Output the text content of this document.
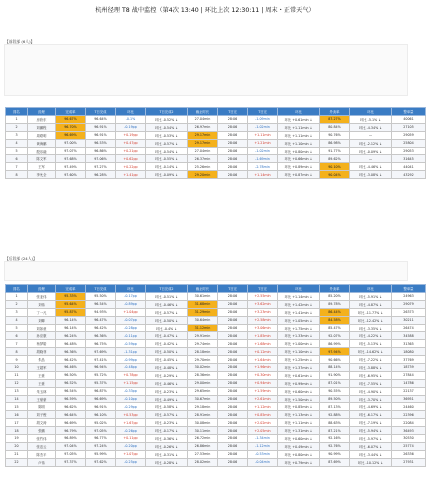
杭州径理 T8 战中监控（第4次 13:40 | 环比上次 12:30:11 | 周末・正常天气）
【前段部 (6人)】
排名	经理	完成率	T日完成	环比	T日完成2	截止时长	T日完	T日完	环比	外卖率	环比	整单量
1	房欣东	96.67%	96.64%	-0.1%	环比 -0.52% ↓	27.04min	28:06	-1.09min	环比 +0.61min ↓	87.27%	环比 -5.1% ↓	40061
2	刘鹏程	96.70%	96.91%	-0.19pp	环比 -0.54% ↓	26.97min	28:06	-1.02min	环比 +1.11min ↓	80.84%	环比 -4.34% ↓	27105
3	周联明	96.69%	96.91%	+0.19pp	环比 -0.53% ↓	29.17min	28:06	+1.11min	环比 +1.11min ↓	90.76%	—	29059
4	黄海鹏	97.00%	96.53%	+0.47pp	环比 -0.57% ↓	29.17min	28:06	+1.21min	环比 +1.10min ↓	86.98%	环比 -2.12% ↓	25804
5	殷乐融	97.07%	96.86%	+0.21pp	环比 -0.54% ↓	27.04min	28:06	-1.02min	环比 +0.80min ↓	91.77%	环比 -0.09% ↓	29053
6	陈文军	97.68%	97.06%	+0.62pp	环比 -0.55% ↓	26.37min	28:06	-1.69min	环比 +0.66min ↓	89.62%	—	31645
7	王军	97.49%	97.27%	+0.22pp	环比 -0.14% ↓	25.26min	28:06	-2.78min	环比 +0.89min ↓	90.10%	环比 -4.46% ↓	44041
8	李允全	97.60%	96.28%	+1.41pp	环比 -0.09% ↓	29.20min	28:06	+1.14min	环比 +0.87min ↓	90.04%	环比 -3.08% ↓	43292
【后段部 (24人)】
排名	经理	完成率	T日完成	环比	T日完成2	截止时长	T日完	T日完	环比	外卖率	环比	整单量
1	张亚伟	95.33%	95.50%	-0.17pp	环比 -0.51% ↓	30.61min	28:06	+2.55min	环比 +1.14min ↓	85.20%	环比 -5.91% ↓	24963
2	刘伟	95.64%	96.54%	-0.89pp	环比 -0.46% ↓	31.68min	28:06	+3.62min	环比 +1.42min ↓	89.78%	环比 -4.87% ↓	29079
3	丁一凡	95.87%	94.93%	+1.04pp	环比 -0.57% ↓	31.29min	28:06	+3.23min	环比 +1.41min ↓	86.44%	环比 -11.77% ↓	26373
4	刘卿	96.14%	96.47%	-0.07pp	环比 -0.50% ↓	30.64min	28:06	+2.58min	环比 +1.05min ↓	84.58%	环比 -12.42% ↓	30211
5	刘如意	96.14%	96.42%	-0.28pp	环比 -0.4% ↓	31.12min	28:06	+3.06min	环比 +1.75min ↓	85.47%	环比 -3.35% ↓	26474
6	孙应康	96.24%	96.36%	-0.11pp	环比 -0.47% ↓	29.91min	28:06	+1.85min	环比 +1.33min ↓	92.07%	环比 -4.22% ↓	34588
7	杨梦皓	96.48%	96.75%	-0.59pp	环比 -0.42% ↓	29.74min	28:06	+1.68min	环比 +1.00min ↓	86.99%	环比 -5.13% ↓	31365
8	胡晓菲	96.36%	97.69%	-1.31pp	环比 -0.50% ↓	28.18min	28:06	+0.12min	环比 +1.10min ↓	97.94%	环比 -14.62% ↓	18080
9	朱品	96.42%	97.41%	-0.99pp	环比 -0.45% ↓	29.70min	28:06	+1.64min	环比 +1.25min ↓	90.66%	环比 -7.22% ↓	37769
10	王超军	96.46%	96.94%	-0.48pp	环比 -0.48% ↓	30.02min	28:06	+1.96min	环比 +1.37min ↓	88.14%	环比 -3.88% ↓	18739
11	王豪	96.50%	95.72%	+0.78pp	环比 -0.29% ↓	28.36min	28:06	+0.30min	环比 +0.61min ↓	91.90%	环比 -6.95% ↓	27844
12	王豪	96.52%	95.37%	+1.15pp	环比 -0.46% ↓	29.00min	28:06	+0.94min	环比 +0.99min ↓	87.01%	环比 -7.55% ↓	14786
13	朱玉林	96.54%	96.87%	-0.33pp	环比 -0.23% ↓	29.65min	28:06	+1.59min	环比 +0.60min ↓	90.55%	环比 -4.90% ↓	22137
14	王豪豪	96.59%	96.69%	-0.10pp	环比 -0.49% ↓	30.67min	28:06	+2.61min	环比 +1.50min ↓	89.50%	环比 -3.70% ↓	36951
15	陈明	96.62%	96.91%	-0.29pp	环比 -0.58% ↓	29.18min	28:06	+1.12min	环比 +0.85min ↓	87.13%	环比 -4.69% ↓	24460
16	刘子俊	96.64%	96.10%	+0.53pp	环比 -0.57% ↓	28.91min	28:06	+0.85min	环比 +1.13min ↓	92.88%	环比 -6.17% ↓	22396
17	胡文涛	96.69%	95.02%	+1.67pp	环比 -0.23% ↓	30.08min	28:06	+2.02min	环比 +1.11min ↓	88.63%	环比 -7.19% ↓	22084
18	张鹏	96.79%	97.05%	-0.26pp	环比 -0.17% ↓	30.11min	28:06	+2.05min	环比 +1.31min ↓	87.21%	环比 -5.94% ↓	36493
19	张竹伟	96.89%	96.77%	+0.11pp	环比 -0.36% ↓	26.72min	28:06	-1.34min	环比 +0.60min ↓	92.16%	环比 -5.97% ↓	30530
20	张忠云	97.04%	97.24%	-0.20pp	环比 -0.26% ↓	26.86min	28:06	-1.12min	环比 +0.49min ↓	92.76%	环比 -6.07% ↓	25774
21	陈杰平	97.05%	95.99%	+1.07pp	环比 -0.31% ↓	27.53min	28:06	-0.53min	环比 +0.80min ↓	90.99%	环比 -3.44% ↓	26336
22	卢伟	97.37%	97.62%	-0.25pp	环比 -0.28% ↓	28.02min	28:06	-0.04min	环比 +0.79min ↓	87.69%	环比 -10.12% ↓	27931
